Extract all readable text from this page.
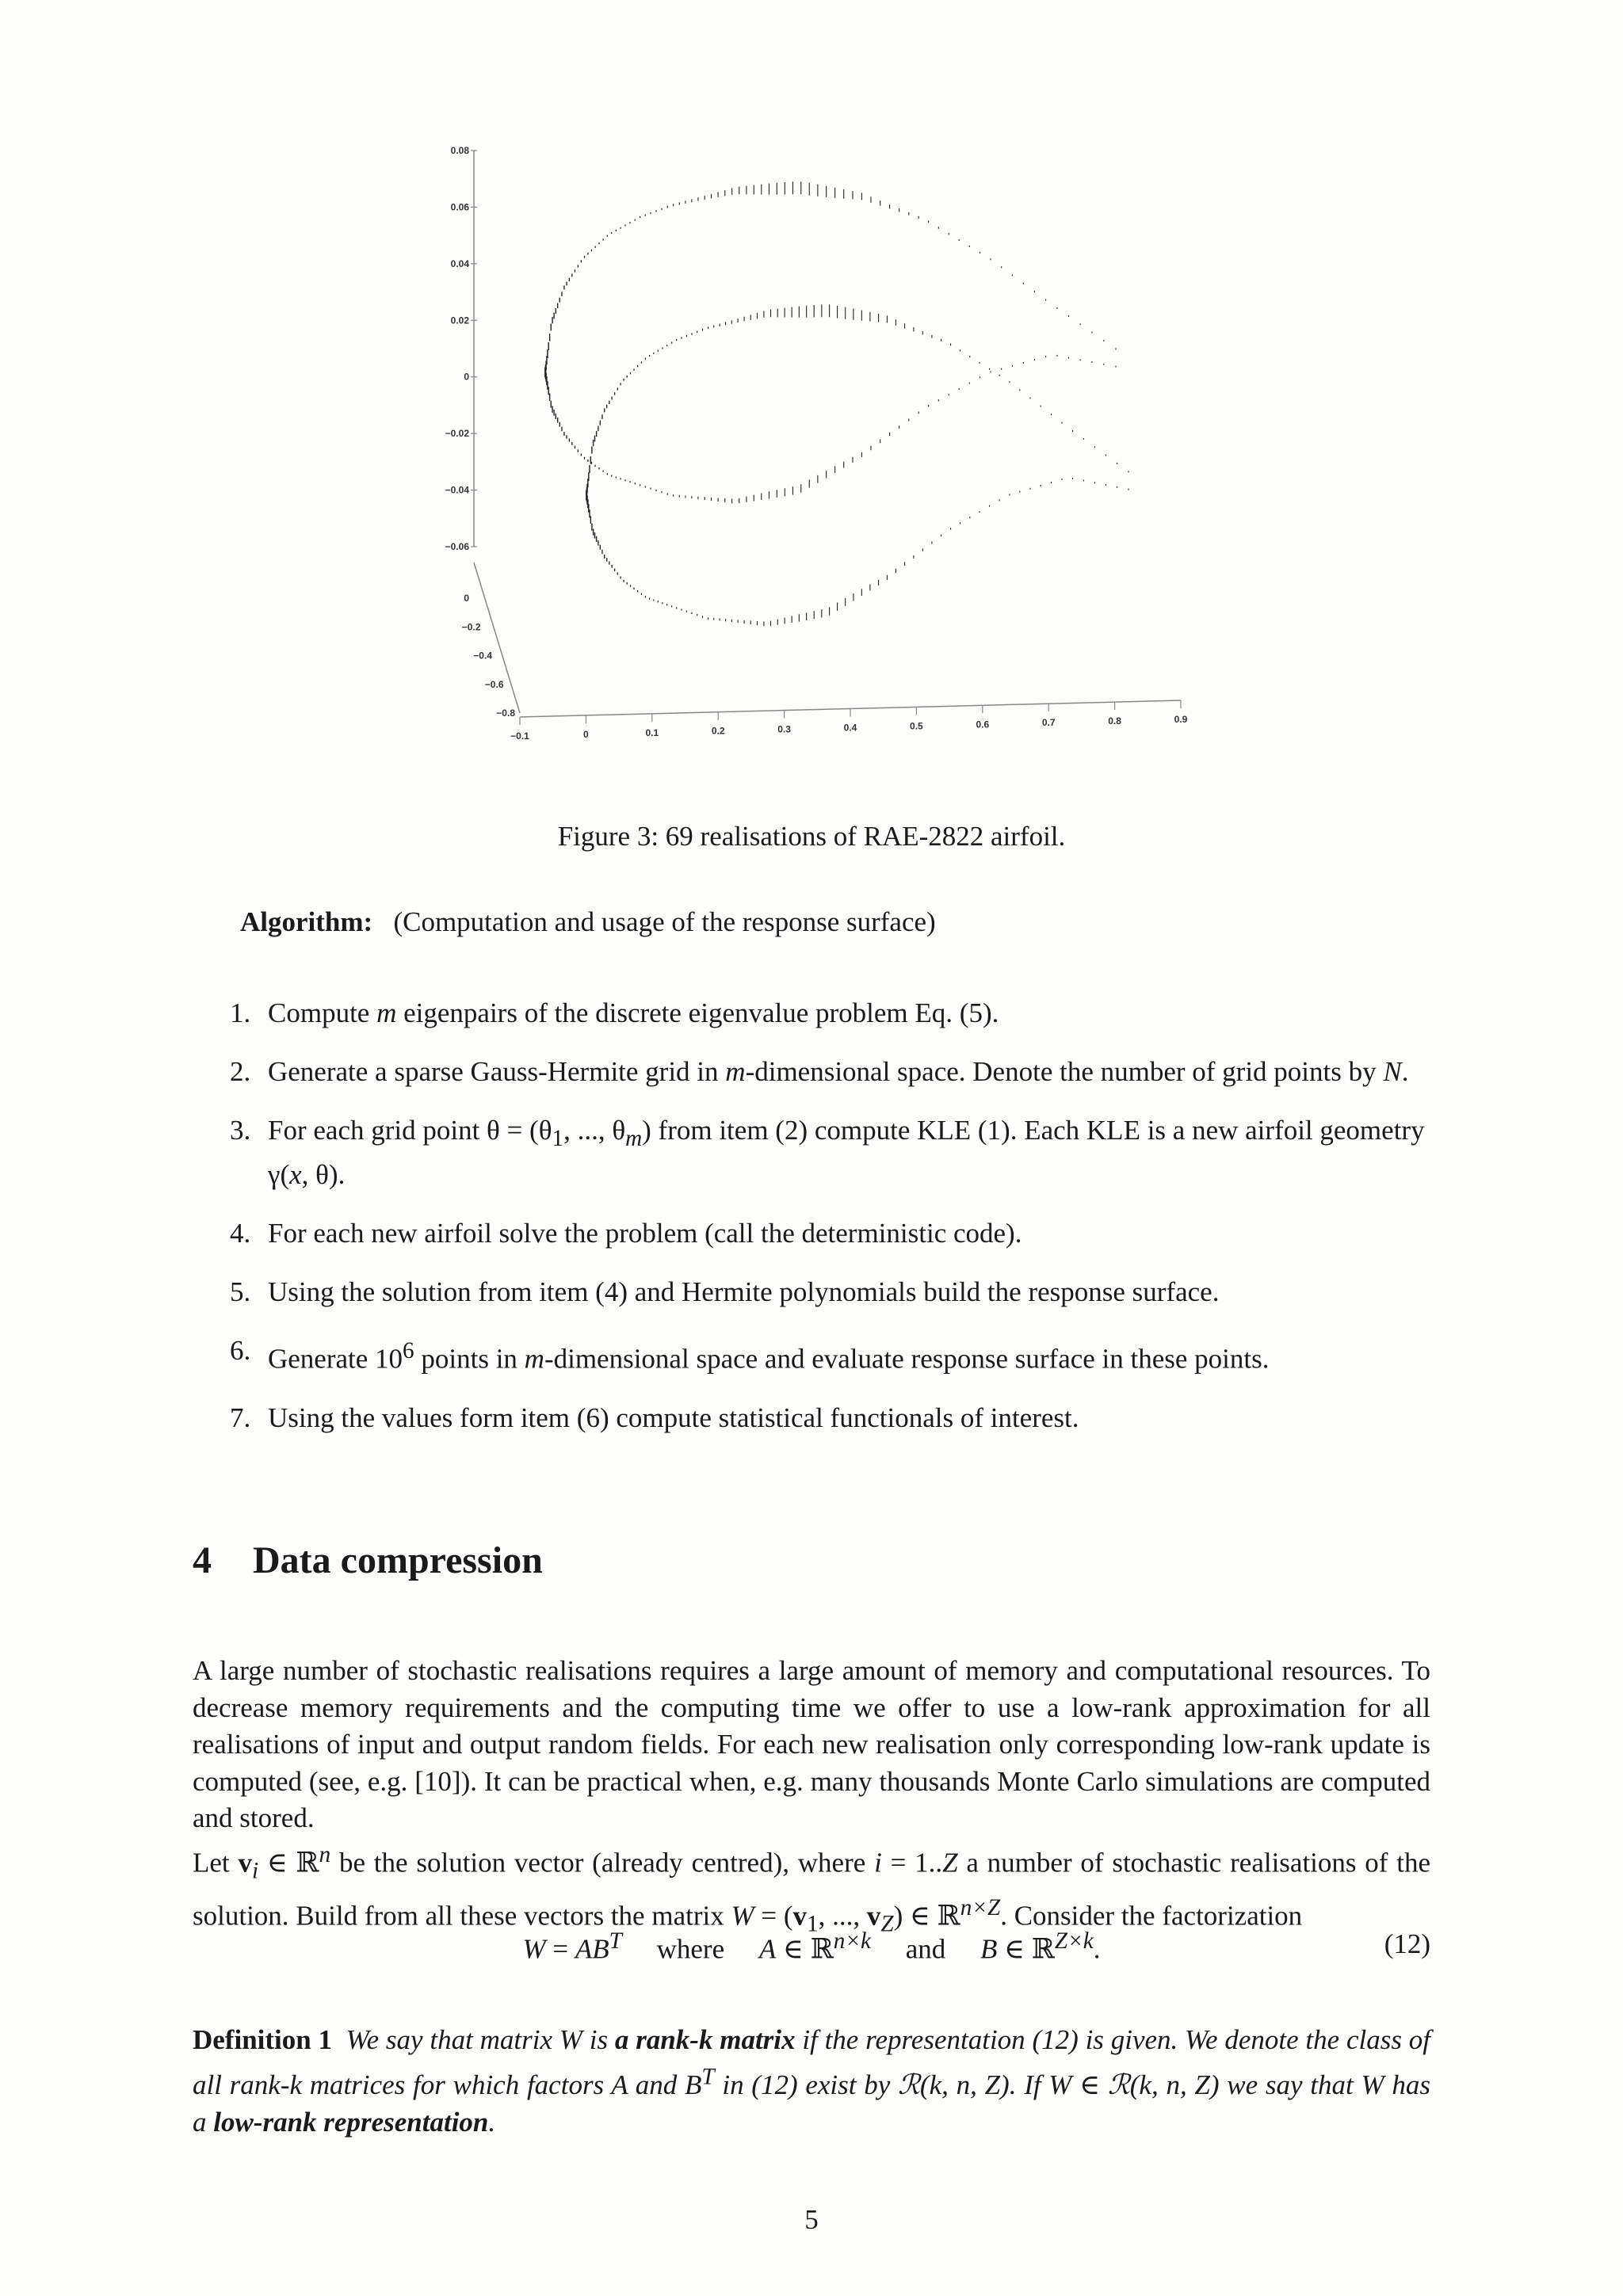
0.08
0.06
0.04
0.02
0
−0.02
−0.04
−0.06
0
−0.2
−0.4
−0.6
−0.8
−0.1	0	0.1	0.2	0.3	0.4	0.5	0.6	0.7	0.8	0.9
Figure 3: 69 realisations of RAE-2822 airfoil.
Algorithm: (Computation and usage of the response surface)
1. Compute m eigenpairs of the discrete eigenvalue problem Eq. (5).
2. Generate a sparse Gauss-Hermite grid in m-dimensional space. Denote the number of grid points by N.
3. For each grid point $\theta = (\theta_1$, ..., $\theta_m$) from item (2) compute KLE (1). Each KLE is a new airfoil geometry γ(x, θ).
4. For each new airfoil solve the problem (call the deterministic code).
5. Using the solution from item (4) and Hermite polynomials build the response surface.
6. Generate $10^6$ points in m-dimensional space and evaluate response surface in these points.
7. Using the values form item (6) compute statistical functionals of interest.
4 Data compression
A large number of stochastic realisations requires a large amount of memory and computational resources. To decrease memory requirements and the computing time we offer to use a low-rank approximation for all realisations of input and output random fields. For each new realisation only corresponding low-rank update is computed (see, e.g. [10]). It can be practical when, e.g. many thousands Monte Carlo simulations are computed and stored.
Let $v_i$ ∈ ℝ$^n$ be the solution vector (already centred), where i = 1..Z a number of stochastic realisations of the solution. Build from all these vectors the matrix $W = (v_1$, ..., $v_Z$) ∈ ℝ$^{n\times Z}$. Consider the factorization
$W = AB^T$ where A ∈ ℝ$^{n\times k}$ and B ∈ ℝ$^{Z\times k}$.	(12)
Definition 1 We say that matrix W is a rank-k matrix if the representation (12) is given. We denote the class of all rank-k matrices for which factors A and $B^T$ in (12) exist by ℛ(k, n, Z). If W ∈ ℛ(k, n, Z) we say that W has a low-rank representation.
5
